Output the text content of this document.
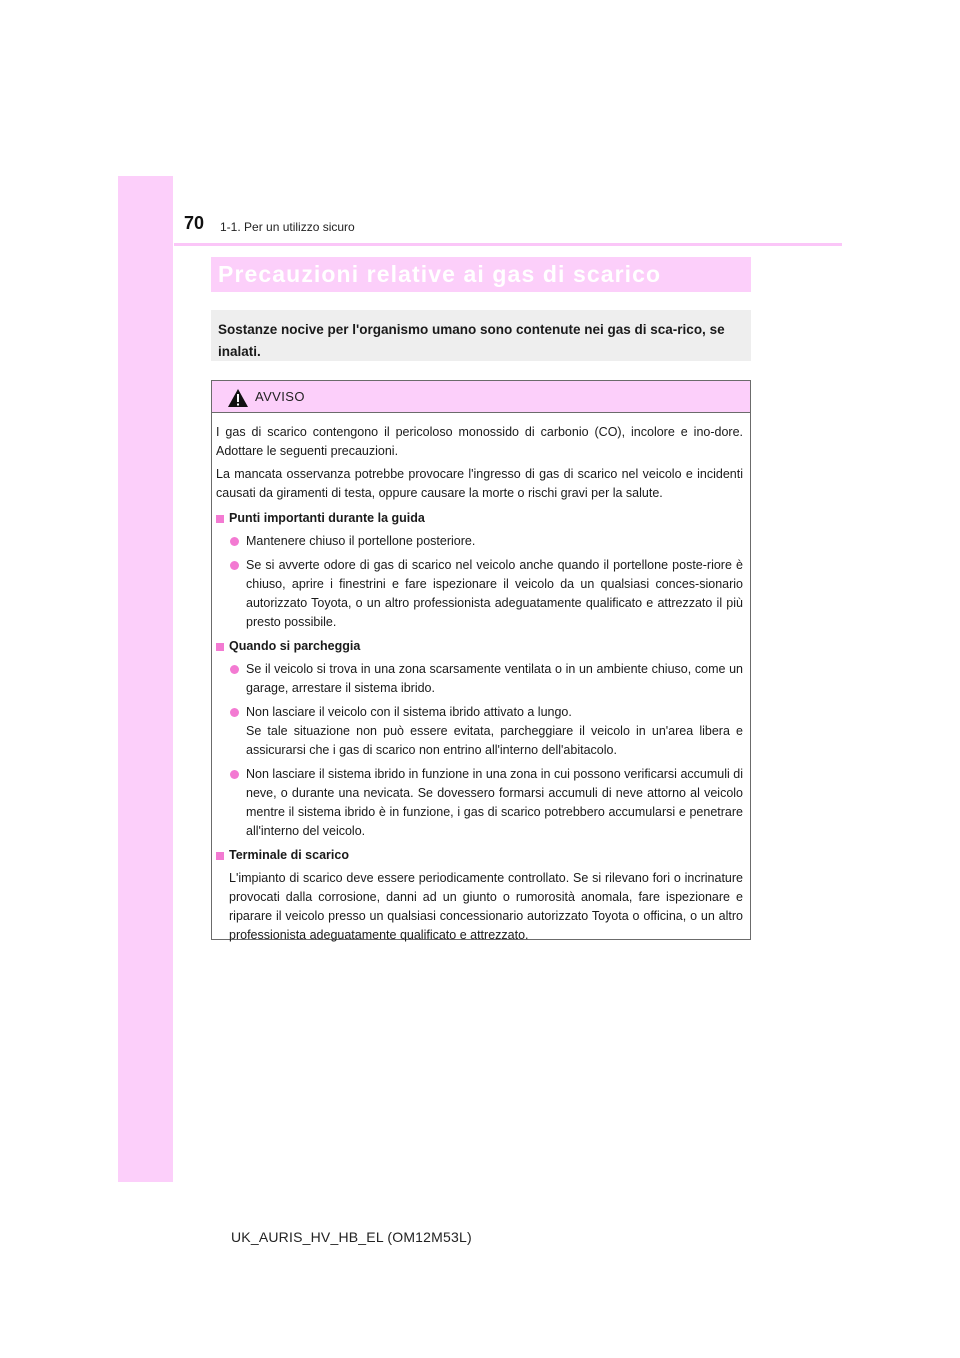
70 1-1. Per un utilizzo sicuro
Precauzioni relative ai gas di scarico
Sostanze nocive per l'organismo umano sono contenute nei gas di sca-rico, se inalati.
AVVISO

I gas di scarico contengono il pericoloso monossido di carbonio (CO), incolore e ino-dore. Adottare le seguenti precauzioni.

La mancata osservanza potrebbe provocare l'ingresso di gas di scarico nel veicolo e incidenti causati da giramenti di testa, oppure causare la morte o rischi gravi per la salute.

Punti importanti durante la guida
Mantenere chiuso il portellone posteriore.
Se si avverte odore di gas di scarico nel veicolo anche quando il portellone poste-riore è chiuso, aprire i finestrini e fare ispezionare il veicolo da un qualsiasi conces-sionario autorizzato Toyota, o un altro professionista adeguatamente qualificato e attrezzato il più presto possibile.
Quando si parcheggia
Se il veicolo si trova in una zona scarsamente ventilata o in un ambiente chiuso, come un garage, arrestare il sistema ibrido.
Non lasciare il veicolo con il sistema ibrido attivato a lungo.
Se tale situazione non può essere evitata, parcheggiare il veicolo in un'area libera e assicurarsi che i gas di scarico non entrino all'interno dell'abitacolo.
Non lasciare il sistema ibrido in funzione in una zona in cui possono verificarsi accumuli di neve, o durante una nevicata. Se dovessero formarsi accumuli di neve attorno al veicolo mentre il sistema ibrido è in funzione, i gas di scarico potrebbero accumularsi e penetrare all'interno del veicolo.
Terminale di scarico
L'impianto di scarico deve essere periodicamente controllato. Se si rilevano fori o incrinature provocati dalla corrosione, danni ad un giunto o rumorosità anomala, fare ispezionare e riparare il veicolo presso un qualsiasi concessionario autorizzato Toyota o officina, o un altro professionista adeguatamente qualificato e attrezzato.
UK_AURIS_HV_HB_EL (OM12M53L)
